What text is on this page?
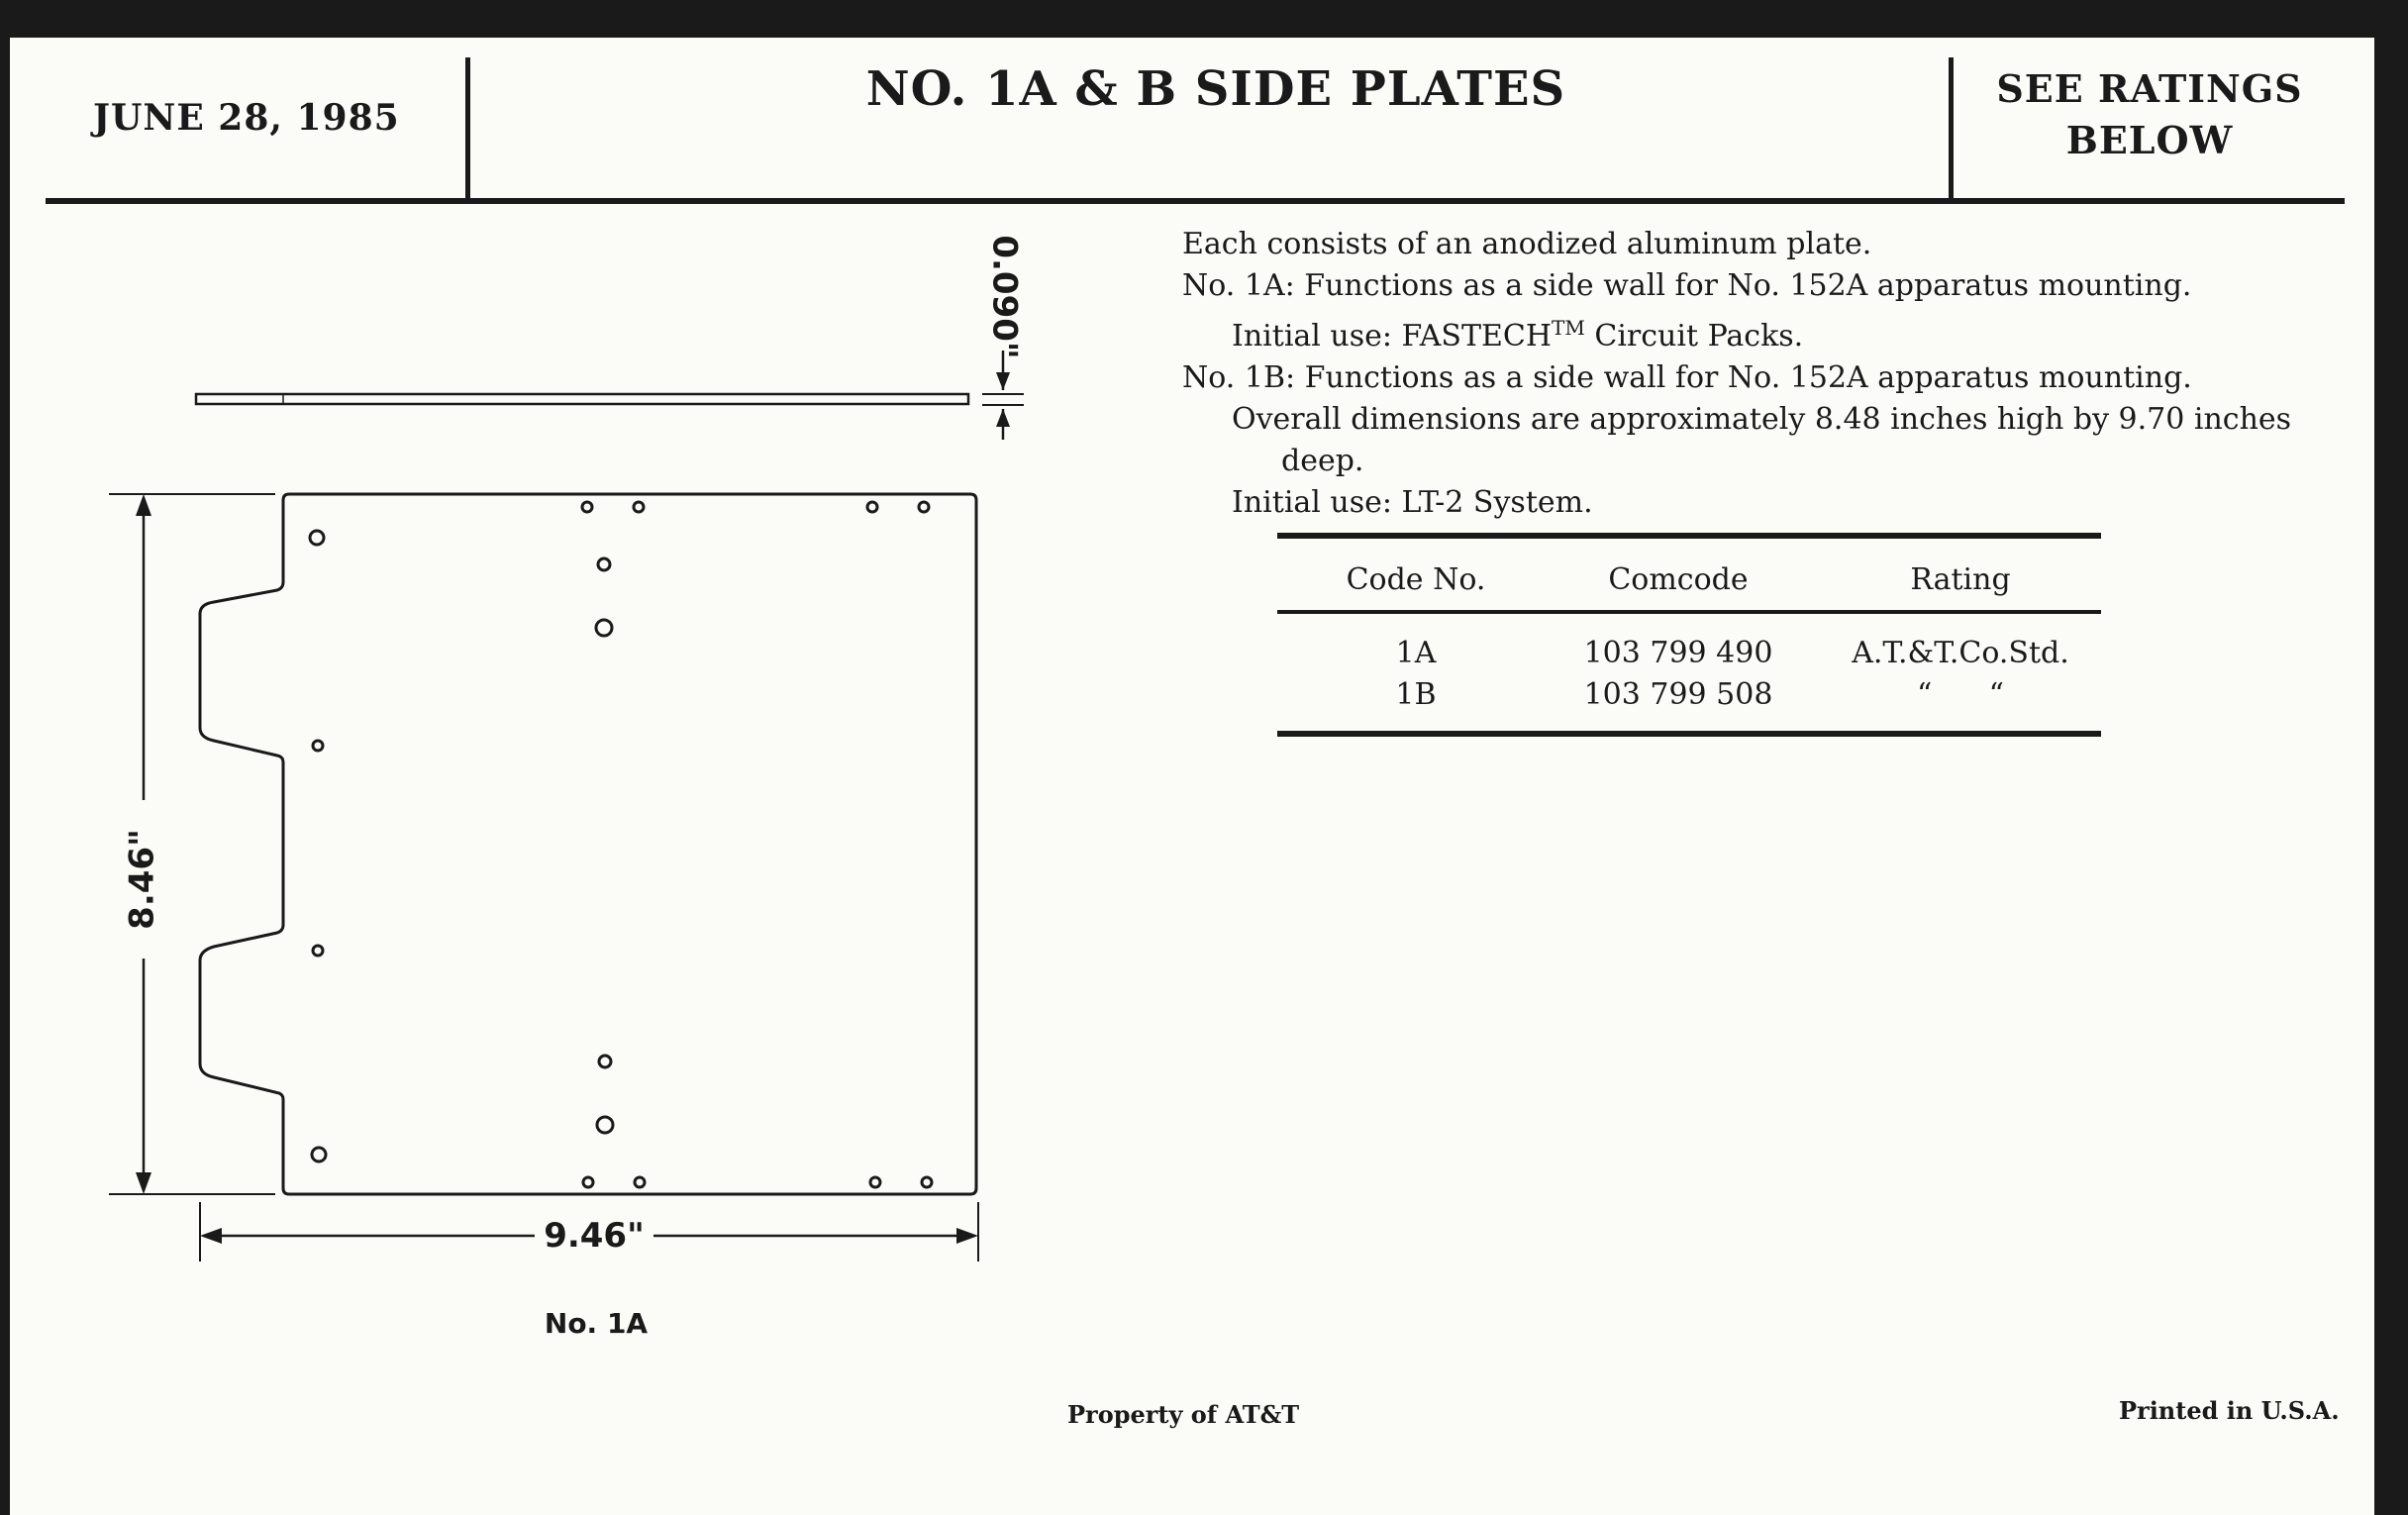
JUNE 28, 1985
NO. 1A & B SIDE PLATES	SEE RATINGS
BELOW
0.090"
8.46"
9.46"
No. 1A
Each consists of an anodized aluminum plate.
No. 1A: Functions as a side wall for No. 152A apparatus mounting.
Initial use: FASTECH™ Circuit Packs.
No. 1B: Functions as a side wall for No. 152A apparatus mounting.
Overall dimensions are approximately 8.48 inches high by 9.70 inches
deep.
Initial use: LT-2 System.
Code No.	Comcode	Rating
1A	103 799 490	A.T.&T.Co.Std.
1B	103 799 508	“      “
Property of AT&T	Printed in U.S.A.
